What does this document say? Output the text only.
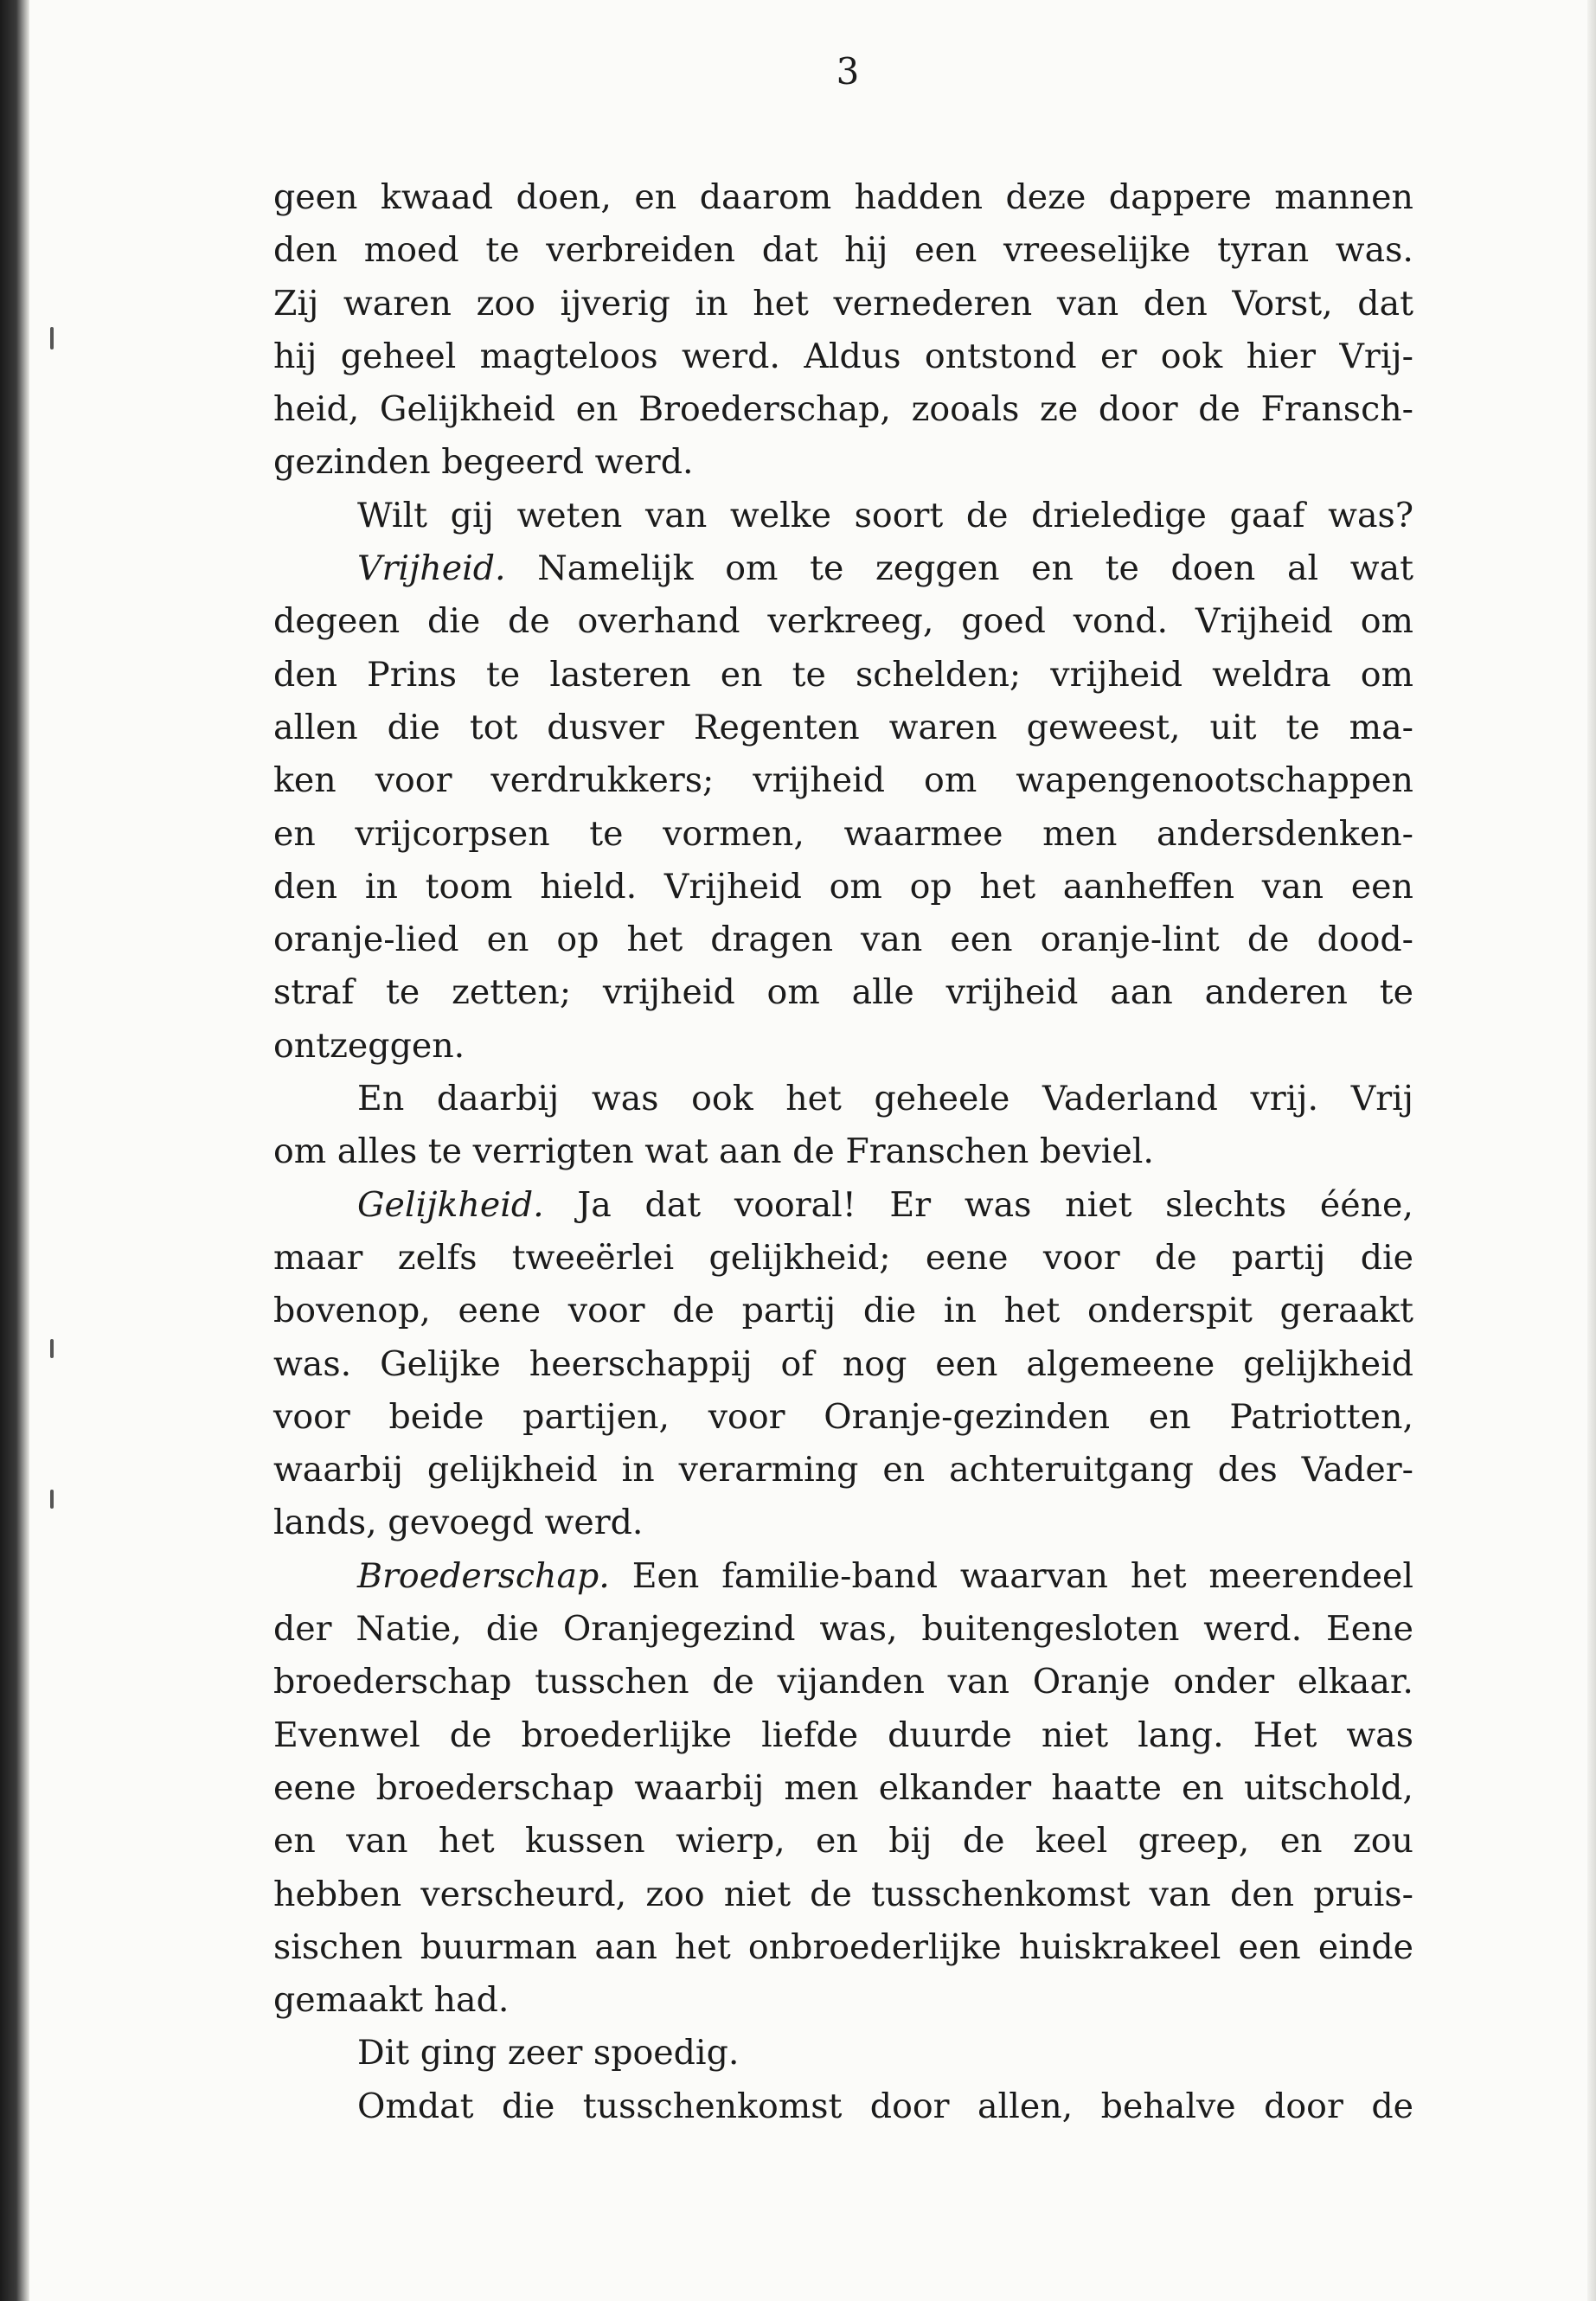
3
geen kwaad doen, en daarom hadden deze dappere mannen
den moed te verbreiden dat hij een vreeselijke tyran was.
Zij waren zoo ijverig in het vernederen van den Vorst, dat
hij geheel magteloos werd. Aldus ontstond er ook hier Vrij-
heid, Gelijkheid en Broederschap, zooals ze door de Fransch-
gezinden begeerd werd.
Wilt gij weten van welke soort de drieledige gaaf was?
Vrijheid. Namelijk om te zeggen en te doen al wat
degeen die de overhand verkreeg, goed vond. Vrijheid om
den Prins te lasteren en te schelden; vrijheid weldra om
allen die tot dusver Regenten waren geweest, uit te ma-
ken voor verdrukkers; vrijheid om wapengenootschappen
en vrijcorpsen te vormen, waarmee men andersdenken-
den in toom hield. Vrijheid om op het aanheffen van een
oranje-lied en op het dragen van een oranje-lint de dood-
straf te zetten; vrijheid om alle vrijheid aan anderen te
ontzeggen.
En daarbij was ook het geheele Vaderland vrij. Vrij
om alles te verrigten wat aan de Franschen beviel.
Gelijkheid. Ja dat vooral! Er was niet slechts ééne,
maar zelfs tweeërlei gelijkheid; eene voor de partij die
bovenop, eene voor de partij die in het onderspit geraakt
was. Gelijke heerschappij of nog een algemeene gelijkheid
voor beide partijen, voor Oranje-gezinden en Patriotten,
waarbij gelijkheid in verarming en achteruitgang des Vader-
lands, gevoegd werd.
Broederschap. Een familie-band waarvan het meerendeel
der Natie, die Oranjegezind was, buitengesloten werd. Eene
broederschap tusschen de vijanden van Oranje onder elkaar.
Evenwel de broederlijke liefde duurde niet lang. Het was
eene broederschap waarbij men elkander haatte en uitschold,
en van het kussen wierp, en bij de keel greep, en zou
hebben verscheurd, zoo niet de tusschenkomst van den pruis-
sischen buurman aan het onbroederlijke huiskrakeel een einde
gemaakt had.
Dit ging zeer spoedig.
Omdat die tusschenkomst door allen, behalve door de
